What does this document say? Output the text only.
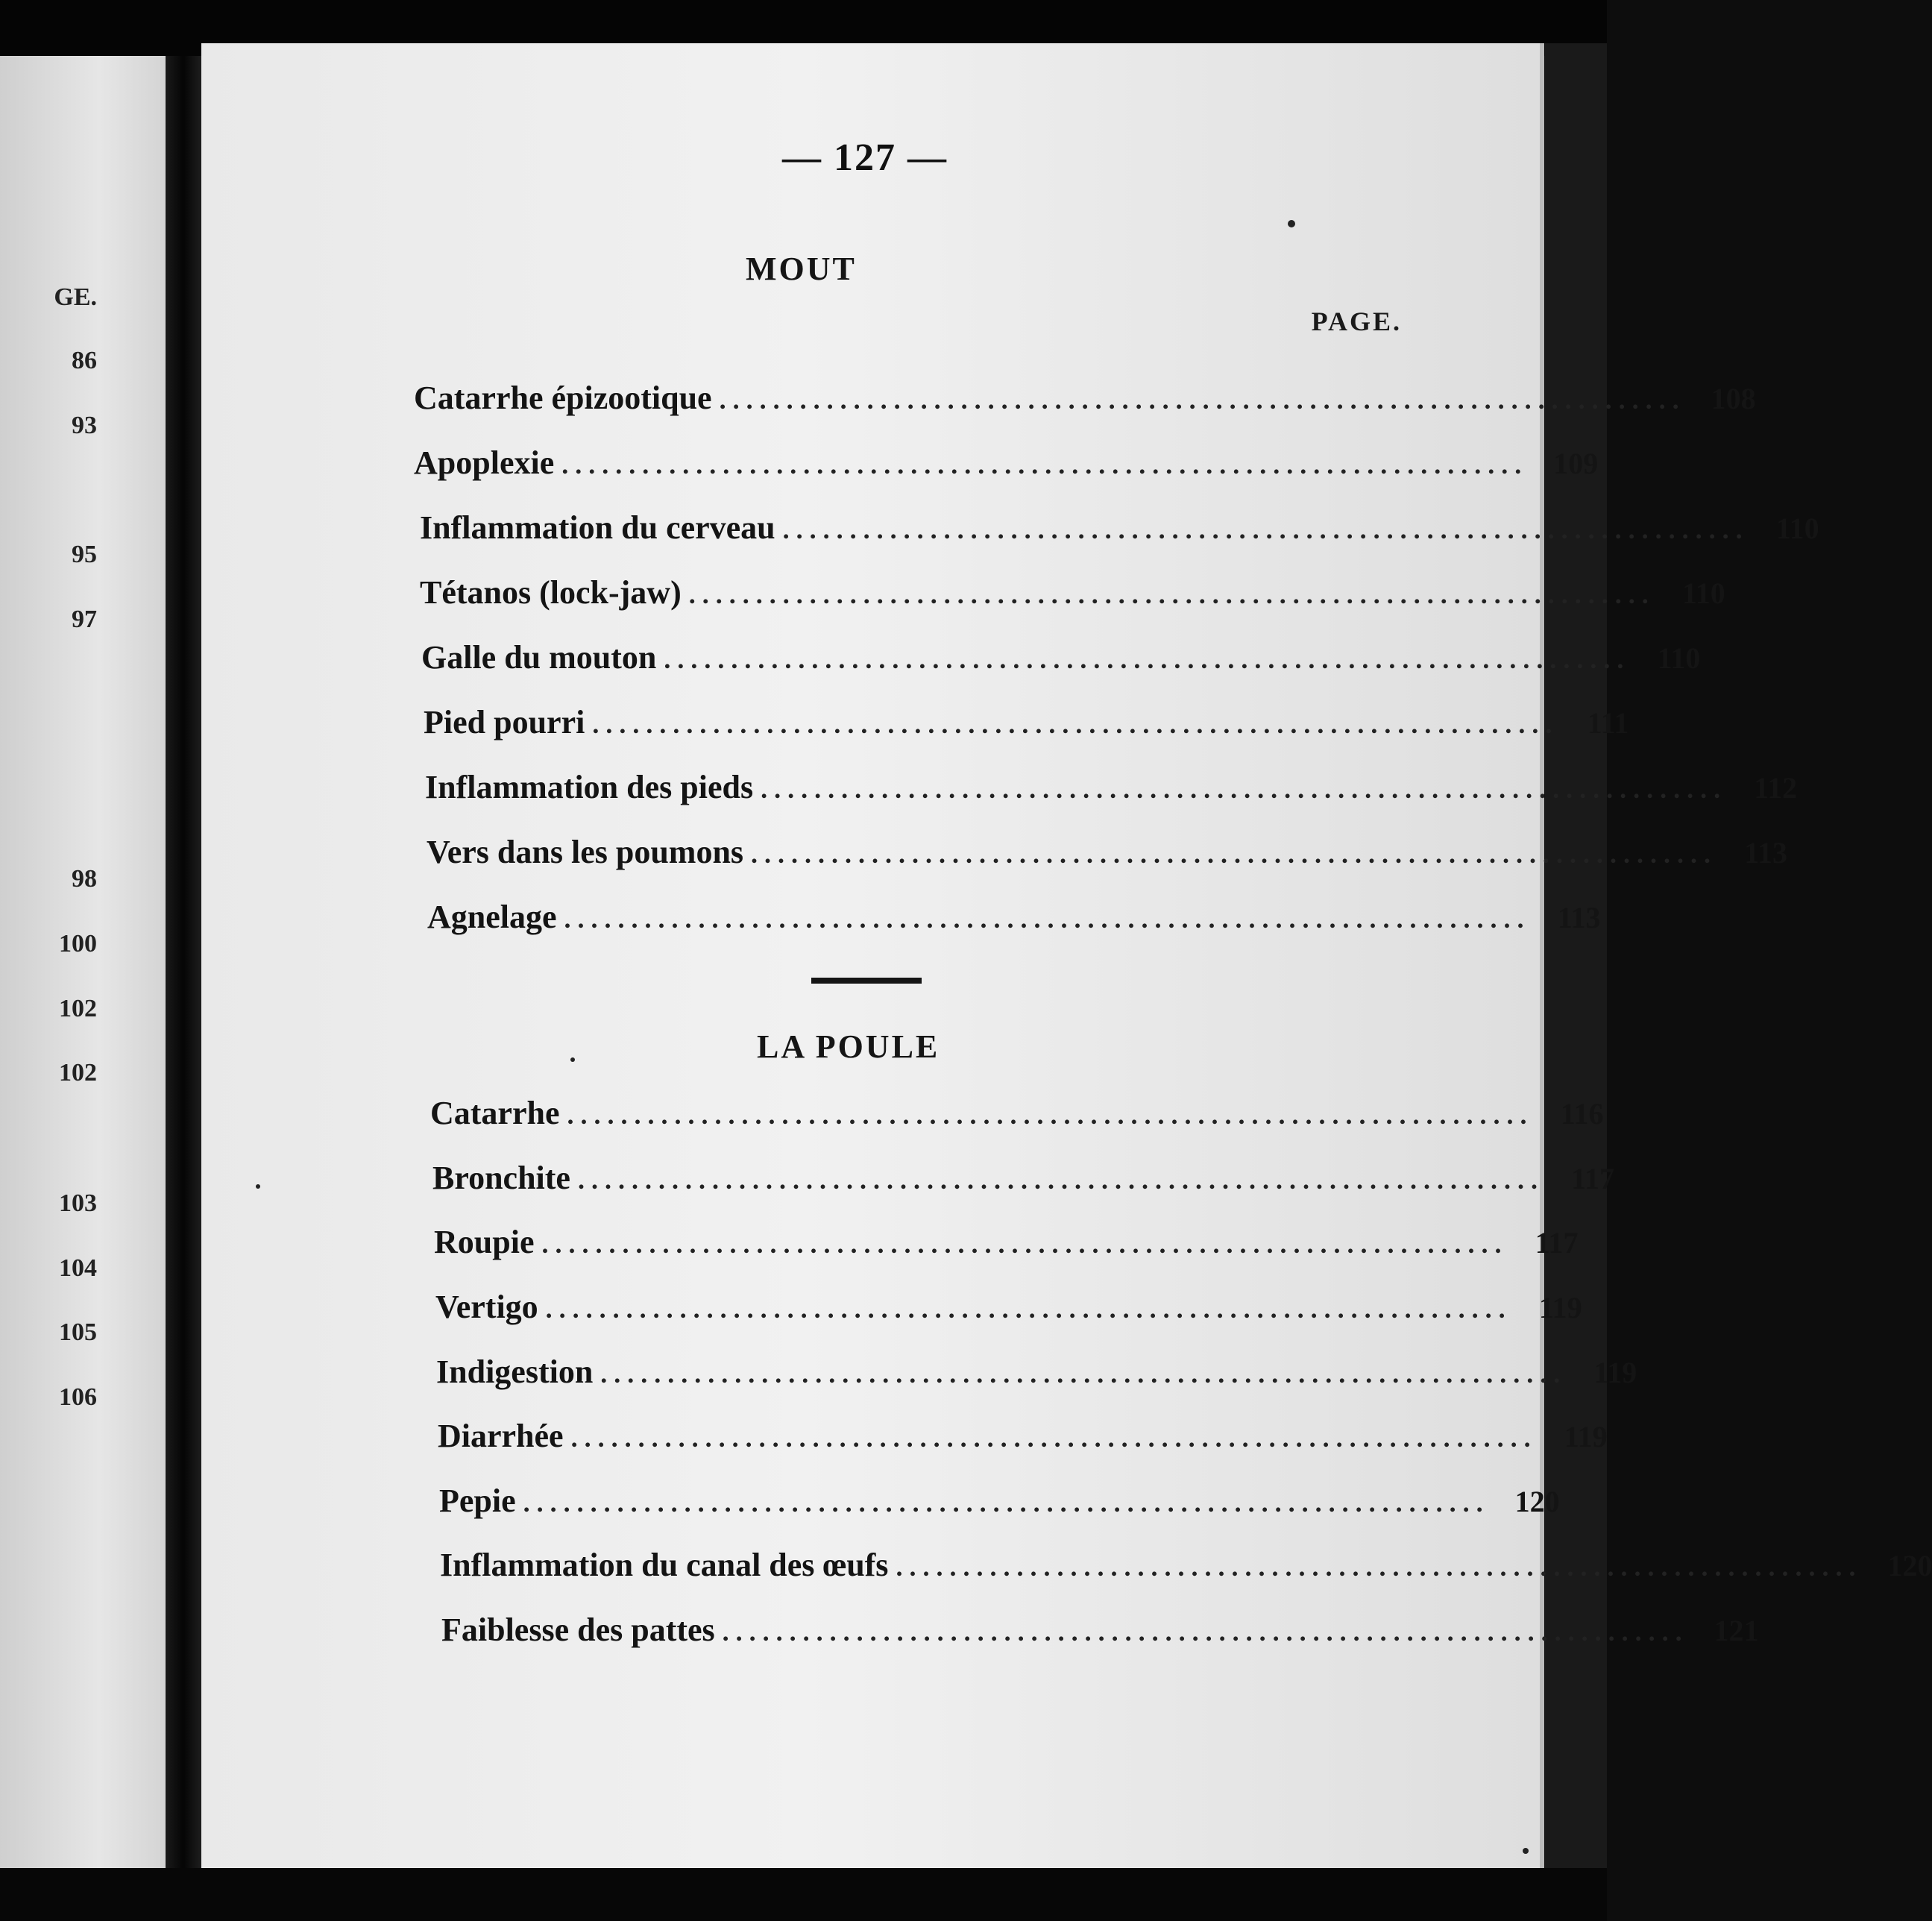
GE.
86
93
95
97
98
100
102
102
103
104
105
106
— 127 —
MOUT
PAGE.
Catarrhe épizootique ........................................................................ 108
Apoplexie ........................................................................ 109
Inflammation du cerveau ........................................................................ 110
Tétanos (lock-jaw) ........................................................................ 110
Galle du mouton ........................................................................ 110
Pied pourri ........................................................................ 111
Inflammation des pieds ........................................................................ 112
Vers dans les poumons ........................................................................ 113
Agnelage ........................................................................ 113
LA POULE
Catarrhe ........................................................................ 116
Bronchite ........................................................................ 117
Roupie ........................................................................ 117
Vertigo ........................................................................ 119
Indigestion ........................................................................ 119
Diarrhée ........................................................................ 119
Pepie ........................................................................ 120
Inflammation du canal des œufs ........................................................................ 120
Faiblesse des pattes ........................................................................ 121
